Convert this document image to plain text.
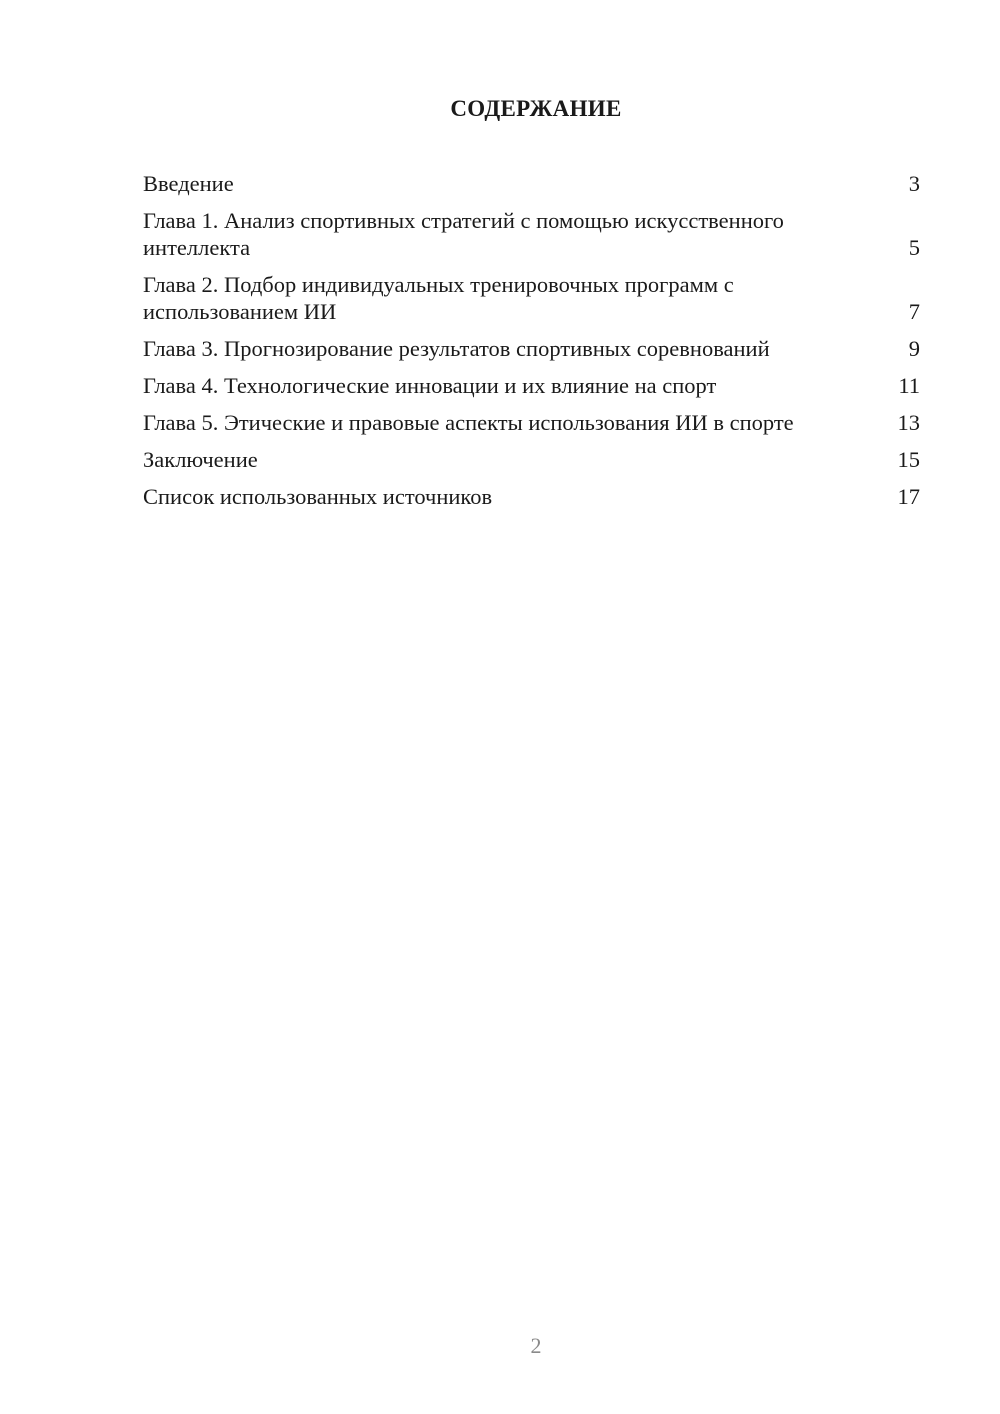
СОДЕРЖАНИЕ
Введение	3
Глава 1. Анализ спортивных стратегий с помощью искусственного интеллекта	5
Глава 2. Подбор индивидуальных тренировочных программ с использованием ИИ	7
Глава 3. Прогнозирование результатов спортивных соревнований	9
Глава 4. Технологические инновации и их влияние на спорт	11
Глава 5. Этические и правовые аспекты использования ИИ в спорте	13
Заключение	15
Список использованных источников	17
2
